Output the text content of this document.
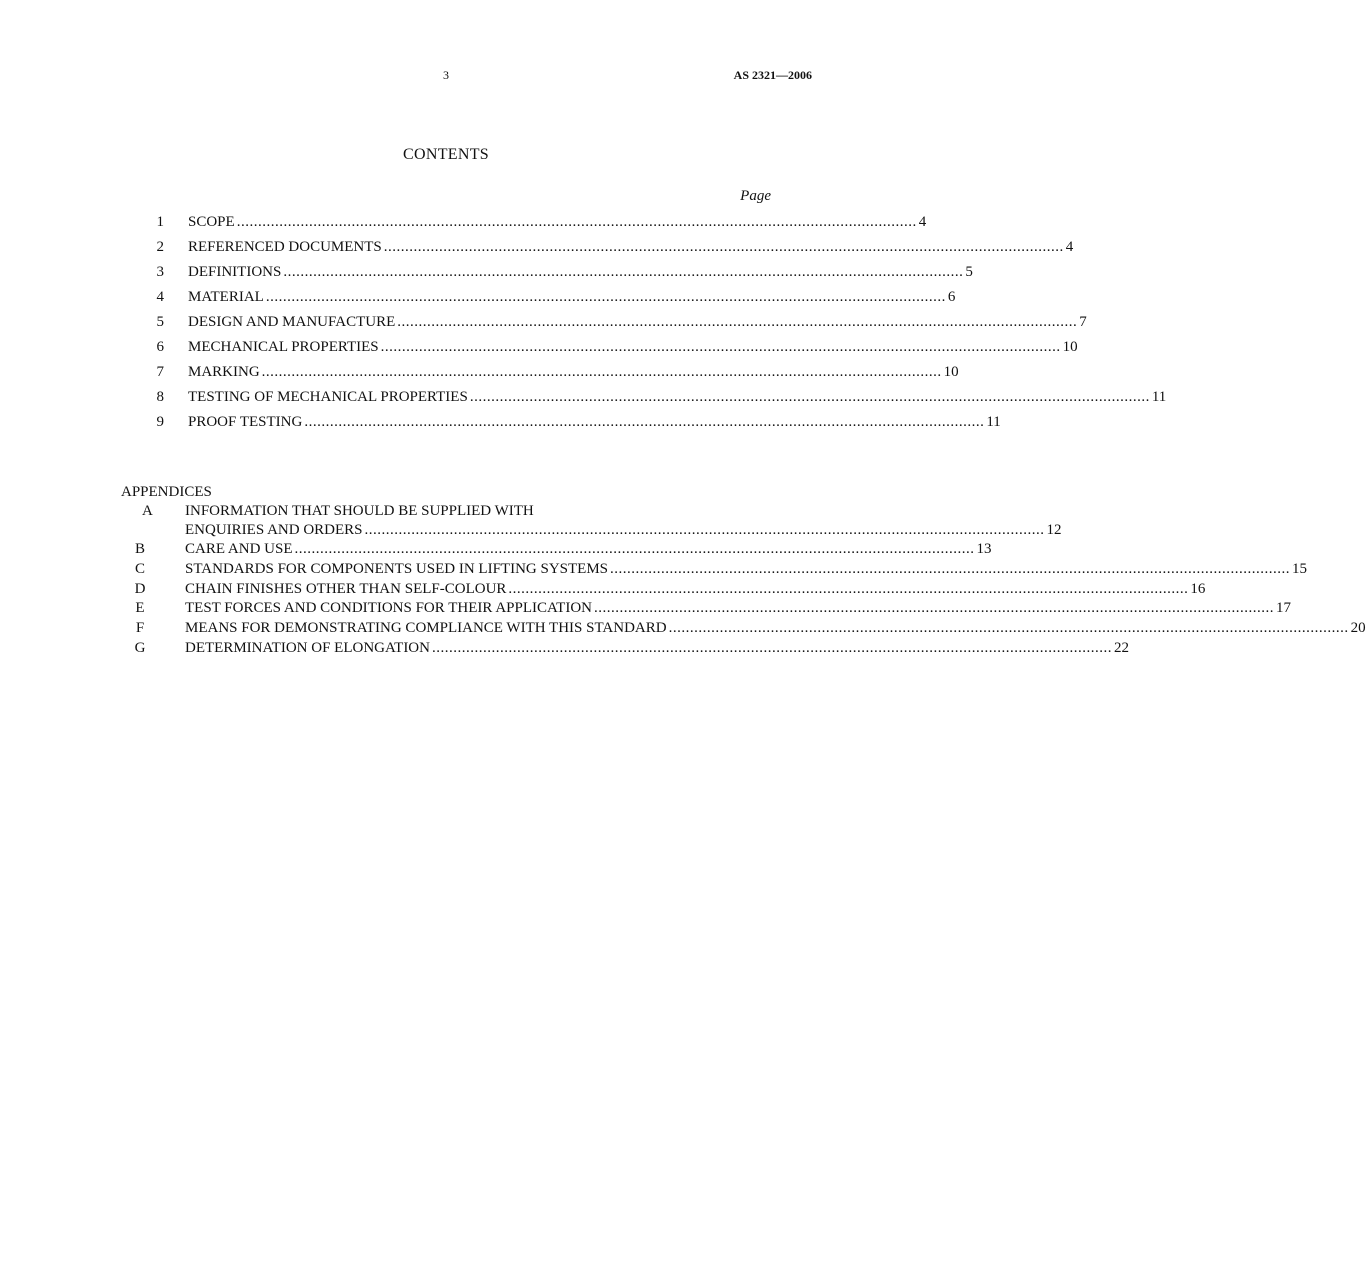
3	AS 2321—2006
CONTENTS
Page
1 SCOPE ................................................................................................................................................................ 4
2 REFERENCED DOCUMENTS ................................................................................................................................................................ 4
3 DEFINITIONS ................................................................................................................................................................ 5
4 MATERIAL ................................................................................................................................................................ 6
5 DESIGN AND MANUFACTURE ................................................................................................................................................................ 7
6 MECHANICAL PROPERTIES ................................................................................................................................................................ 10
7 MARKING ................................................................................................................................................................ 10
8 TESTING OF MECHANICAL PROPERTIES ................................................................................................................................................................ 11
9 PROOF TESTING ................................................................................................................................................................ 11
APPENDICES
A INFORMATION THAT SHOULD BE SUPPLIED WITH
ENQUIRIES AND ORDERS ................................................................................................................................................................ 12
B	CARE AND USE ................................................................................................................................................................ 13
C	STANDARDS FOR COMPONENTS USED IN LIFTING SYSTEMS ................................................................................................................................................................ 15
D	CHAIN FINISHES OTHER THAN SELF-COLOUR ................................................................................................................................................................ 16
E	TEST FORCES AND CONDITIONS FOR THEIR APPLICATION ................................................................................................................................................................ 17
F	MEANS FOR DEMONSTRATING COMPLIANCE WITH THIS STANDARD ................................................................................................................................................................ 20
G	DETERMINATION OF ELONGATION ................................................................................................................................................................ 22
